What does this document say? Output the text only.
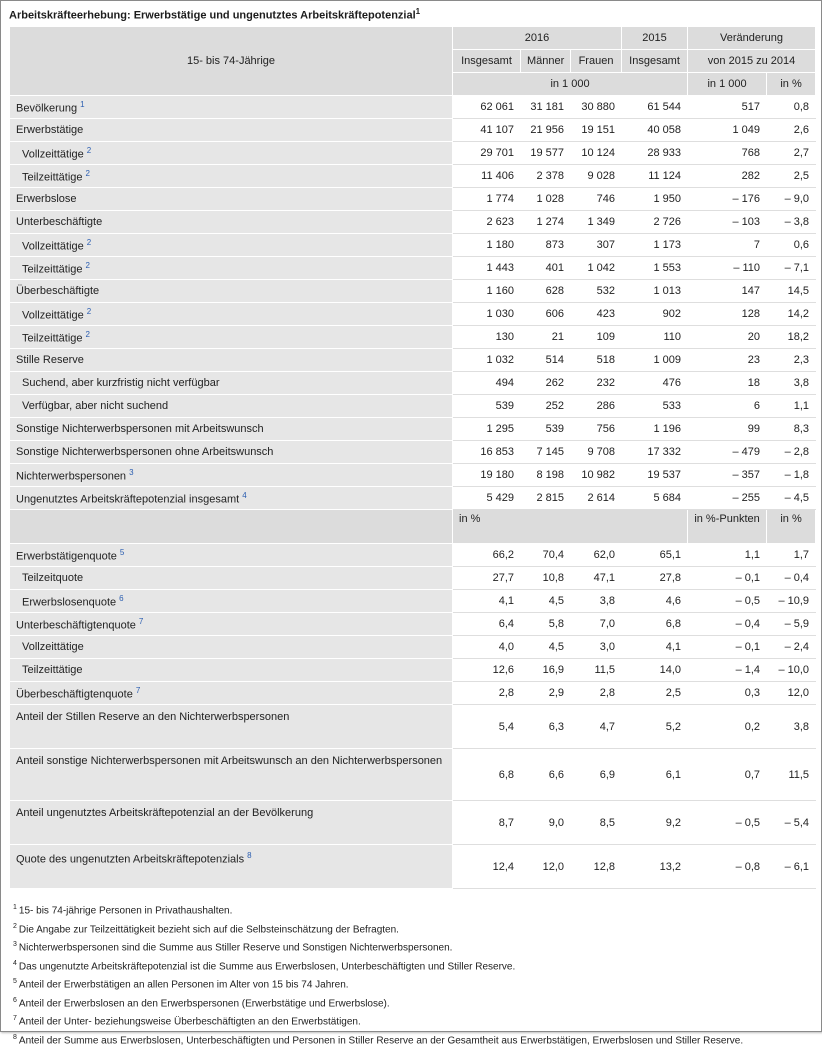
Arbeitskräfteerhebung: Erwerbstätige und ungenutztes Arbeitskräftepotenzial$^1$
15- bis 74-Jährige	2016			2015	Veränderung	
	Insgesamt	Männer	Frauen	Insgesamt	von 2015 zu 2014	
	in 1 000				in 1 000	in %
Bevölkerung $^1$	62 061	31 181	30 880	61 544	517	0,8
Erwerbstätige	41 107	21 956	19 151	40 058	1 049	2,6
Vollzeittätige $^2$	29 701	19 577	10 124	28 933	768	2,7
Teilzeittätige $^2$	11 406	2 378	9 028	11 124	282	2,5
Erwerbslose	1 774	1 028	746	1 950	– 176	– 9,0
Unterbeschäftigte	2 623	1 274	1 349	2 726	– 103	– 3,8
Vollzeittätige $^2$	1 180	873	307	1 173	7	0,6
Teilzeittätige $^2$	1 443	401	1 042	1 553	– 110	– 7,1
Überbeschäftigte	1 160	628	532	1 013	147	14,5
Vollzeittätige $^2$	1 030	606	423	902	128	14,2
Teilzeittätige $^2$	130	21	109	110	20	18,2
Stille Reserve	1 032	514	518	1 009	23	2,3
Suchend, aber kurzfristig nicht verfügbar	494	262	232	476	18	3,8
Verfügbar, aber nicht suchend	539	252	286	533	6	1,1
Sonstige Nichterwerbspersonen mit Arbeitswunsch	1 295	539	756	1 196	99	8,3
Sonstige Nichterwerbspersonen ohne Arbeitswunsch	16 853	7 145	9 708	17 332	– 479	– 2,8
Nichterwerbspersonen $^3$	19 180	8 198	10 982	19 537	– 357	– 1,8
Ungenutztes Arbeitskräftepotenzial insgesamt $^4$	5 429	2 815	2 614	5 684	– 255	– 4,5
	in %				in %-Punkten	in %
Erwerbstätigenquote $^5$	66,2	70,4	62,0	65,1	1,1	1,7
Teilzeitquote	27,7	10,8	47,1	27,8	– 0,1	– 0,4
Erwerbslosenquote $^6$	4,1	4,5	3,8	4,6	– 0,5	– 10,9
Unterbeschäftigtenquote $^7$	6,4	5,8	7,0	6,8	– 0,4	– 5,9
Vollzeittätige	4,0	4,5	3,0	4,1	– 0,1	– 2,4
Teilzeittätige	12,6	16,9	11,5	14,0	– 1,4	– 10,0
Überbeschäftigtenquote $^7$	2,8	2,9	2,8	2,5	0,3	12,0
Anteil der Stillen Reserve an den Nichterwerbspersonen	5,4	6,3	4,7	5,2	0,2	3,8
Anteil sonstige Nichterwerbspersonen mit Arbeitswunsch an den Nichterwerbspersonen	6,8	6,6	6,9	6,1	0,7	11,5
Anteil ungenutztes Arbeitskräftepotenzial an der Bevölkerung	8,7	9,0	8,5	9,2	– 0,5	– 5,4
Quote des ungenutzten Arbeitskräftepotenzials $^8$	12,4	12,0	12,8	13,2	– 0,8	– 6,1
$^1$ 15- bis 74-jährige Personen in Privathaushalten.
$^2$ Die Angabe zur Teilzeittätigkeit bezieht sich auf die Selbsteinschätzung der Befragten.
$^3$ Nichterwerbspersonen sind die Summe aus Stiller Reserve und Sonstigen Nichterwerbspersonen.
$^4$ Das ungenutzte Arbeitskräftepotenzial ist die Summe aus Erwerbslosen, Unterbeschäftigten und Stiller Reserve.
$^5$ Anteil der Erwerbstätigen an allen Personen im Alter von 15 bis 74 Jahren.
$^6$ Anteil der Erwerbslosen an den Erwerbspersonen (Erwerbstätige und Erwerbslose).
$^7$ Anteil der Unter- beziehungsweise Überbeschäftigten an den Erwerbstätigen.
$^8$ Anteil der Summe aus Erwerbslosen, Unterbeschäftigten und Personen in Stiller Reserve an der Gesamtheit aus Erwerbstätigen, Erwerbslosen und Stiller Reserve.
